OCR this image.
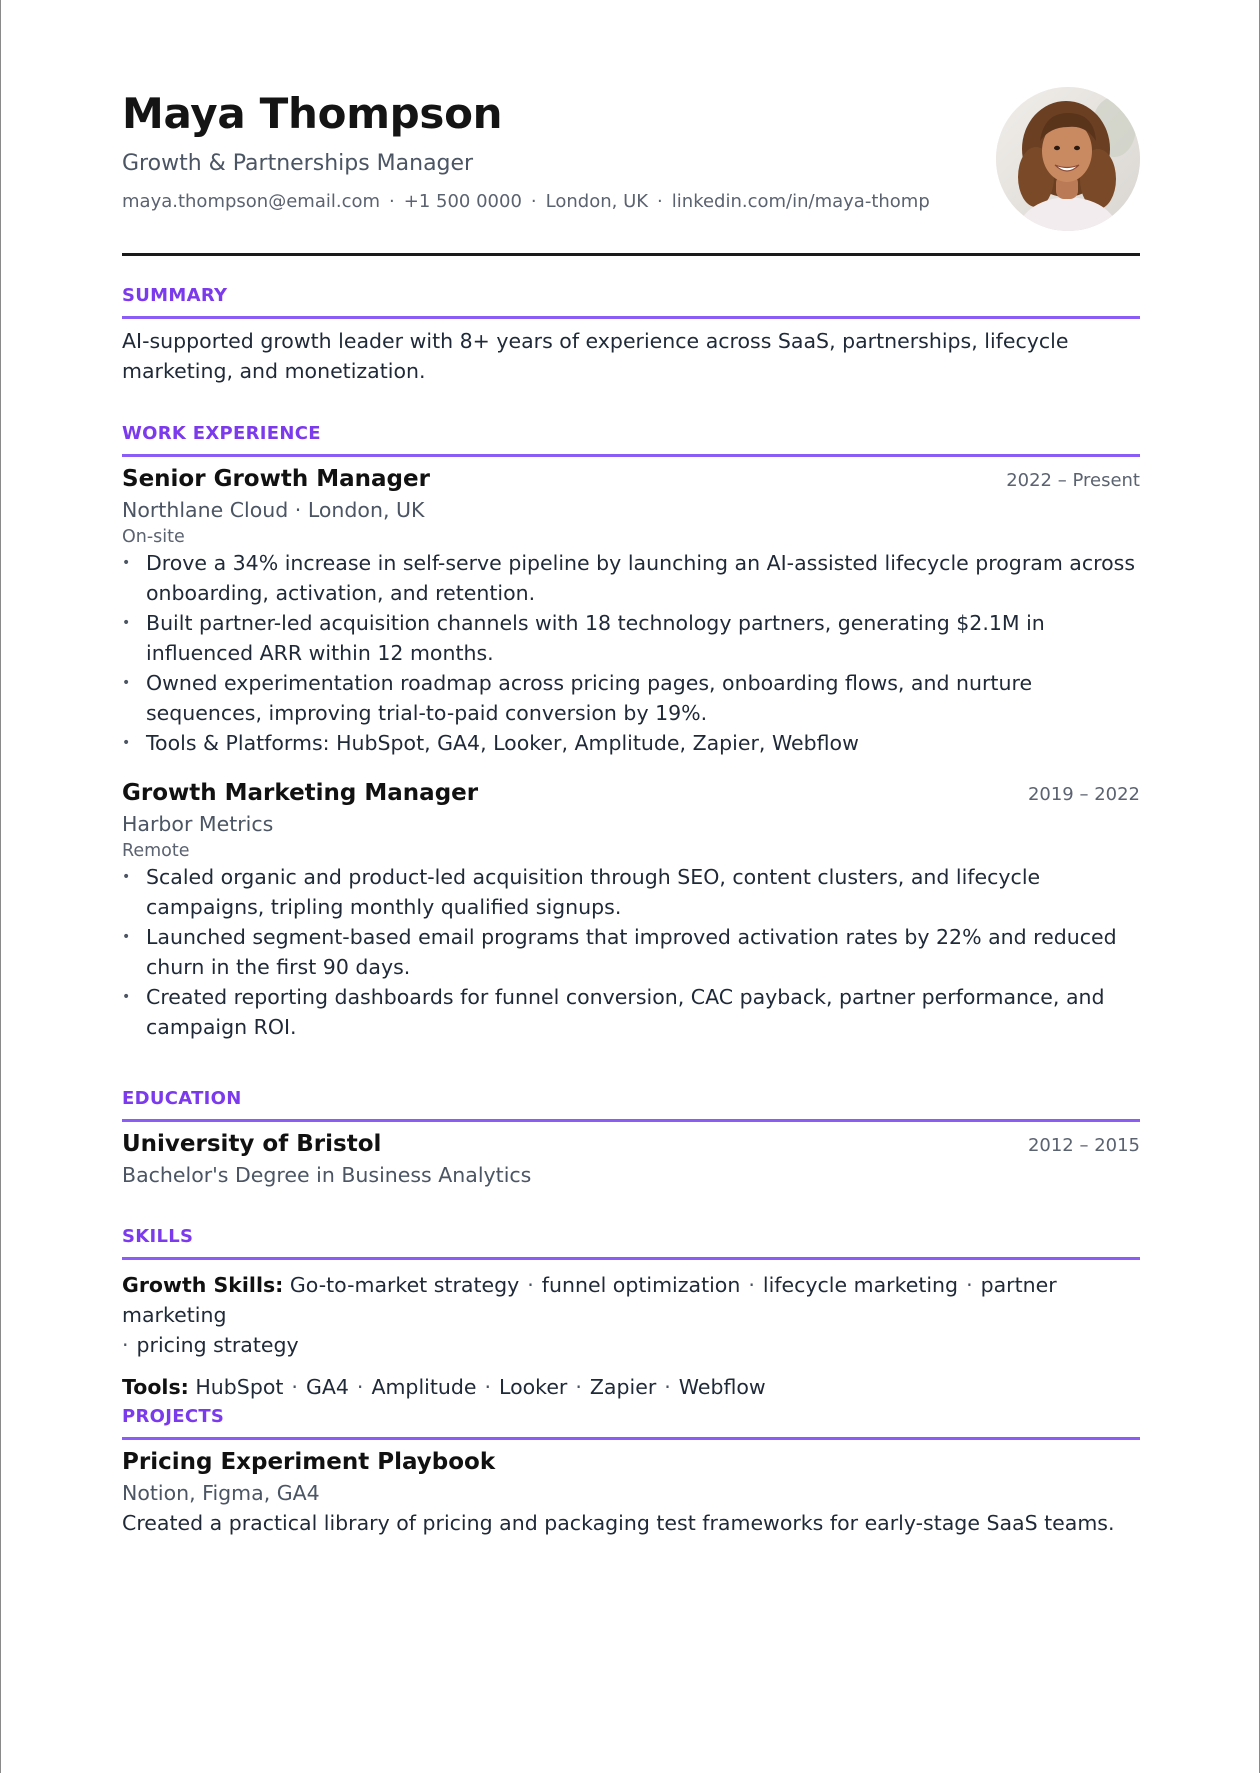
Maya Thompson
Growth & Partnerships Manager
maya.thompson@email.com · +1 500 0000 · London, UK · linkedin.com/in/maya-thomp
SUMMARY
AI-supported growth leader with 8+ years of experience across SaaS, partnerships, lifecycle marketing, and monetization.
WORK EXPERIENCE
Senior Growth Manager	2022 – Present
Northlane Cloud · London, UK
On-site
• Drove a 34% increase in self-serve pipeline by launching an AI-assisted lifecycle program across onboarding, activation, and retention.
• Built partner-led acquisition channels with 18 technology partners, generating $2.1M in influenced ARR within 12 months.
• Owned experimentation roadmap across pricing pages, onboarding flows, and nurture sequences, improving trial-to-paid conversion by 19%.
• Tools & Platforms: HubSpot, GA4, Looker, Amplitude, Zapier, Webflow
Growth Marketing Manager	2019 – 2022
Harbor Metrics
Remote
• Scaled organic and product-led acquisition through SEO, content clusters, and lifecycle campaigns, tripling monthly qualified signups.
• Launched segment-based email programs that improved activation rates by 22% and reduced churn in the first 90 days.
• Created reporting dashboards for funnel conversion, CAC payback, partner performance, and campaign ROI.
EDUCATION
University of Bristol	2012 – 2015
Bachelor's Degree in Business Analytics
SKILLS
Growth Skills: Go-to-market strategy · funnel optimization · lifecycle marketing · partner marketing
· pricing strategy
Tools: HubSpot · GA4 · Amplitude · Looker · Zapier · Webflow
PROJECTS
Pricing Experiment Playbook
Notion, Figma, GA4
Created a practical library of pricing and packaging test frameworks for early-stage SaaS teams.
